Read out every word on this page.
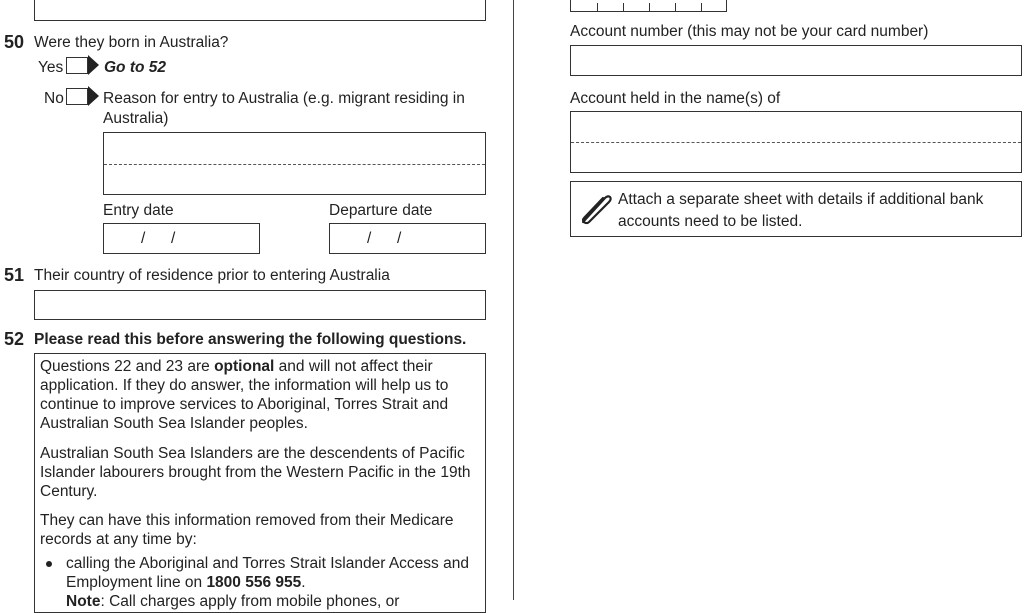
50 Were they born in Australia?
Yes	Go to 52
No	Reason for entry to Australia (e.g. migrant residing in
Australia)
Entry date	Departure date
/ /	/ /
51 Their country of residence prior to entering Australia
52 Please read this before answering the following questions.
Questions 22 and 23 are optional and will not affect their application. If they do answer, the information will help us to continue to improve services to Aboriginal, Torres Strait and Australian South Sea Islander peoples.
Australian South Sea Islanders are the descendents of Pacific Islander labourers brought from the Western Pacific in the 19th Century.
They can have this information removed from their Medicare records at any time by:
calling the Aboriginal and Torres Strait Islander Access and Employment line on 1800 556 955.
Note: Call charges apply from mobile phones, or
Account number (this may not be your card number)
Account held in the name(s) of
Attach a separate sheet with details if additional bank
accounts need to be listed.
